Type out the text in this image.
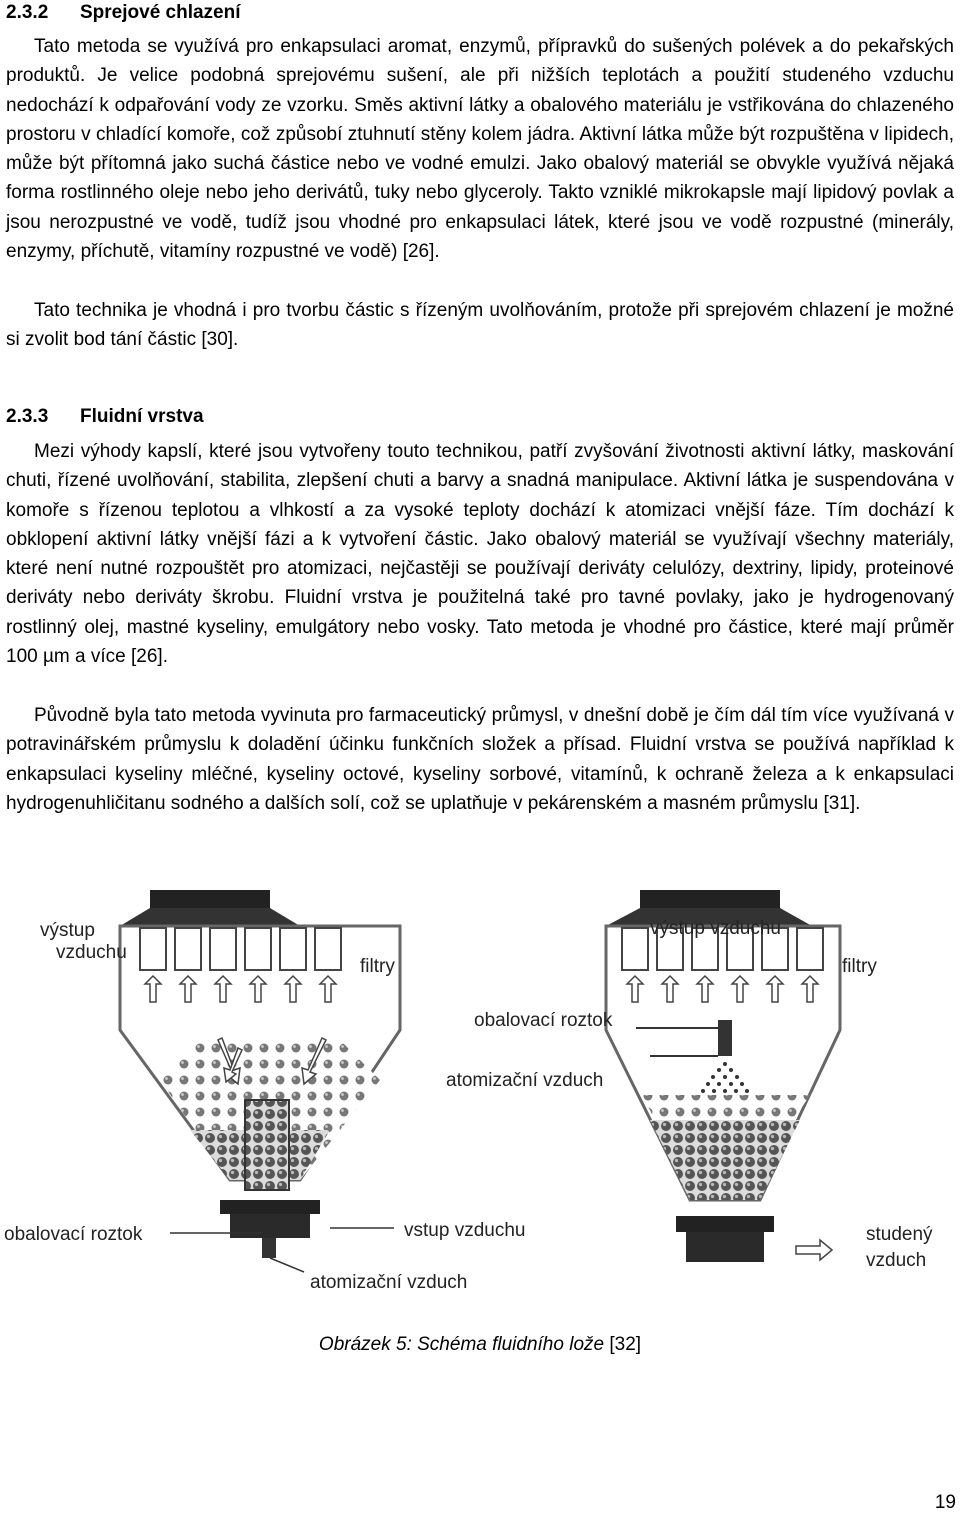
2.3.2 Sprejové chlazení

Tato metoda se využívá pro enkapsulaci aromat, enzymů, přípravků do sušených polévek a do pekařských produktů. Je velice podobná sprejovému sušení, ale při nižších teplotách a použití studeného vzduchu nedochází k odpařování vody ze vzorku. Směs aktivní látky a obalového materiálu je vstřikována do chlazeného prostoru v chladící komoře, což způsobí ztuhnutí stěny kolem jádra. Aktivní látka může být rozpuštěna v lipidech, může být přítomná jako suchá částice nebo ve vodné emulzi. Jako obalový materiál se obvykle využívá nějaká forma rostlinného oleje nebo jeho derivátů, tuky nebo glyceroly. Takto vzniklé mikrokapsle mají lipidový povlak a jsou nerozpustné ve vodě, tudíž jsou vhodné pro enkapsulaci látek, které jsou ve vodě rozpustné (minerály, enzymy, příchutě, vitamíny rozpustné ve vodě) [26].

Tato technika je vhodná i pro tvorbu částic s řízeným uvolňováním, protože při sprejovém chlazení je možné si zvolit bod tání částic [30].

2.3.3 Fluidní vrstva

Mezi výhody kapslí, které jsou vytvořeny touto technikou, patří zvyšování životnosti aktivní látky, maskování chuti, řízené uvolňování, stabilita, zlepšení chuti a barvy a snadná manipulace. Aktivní látka je suspendována v komoře s řízenou teplotou a vlhkostí a za vysoké teploty dochází k atomizaci vnější fáze. Tím dochází k obklopení aktivní látky vnější fázi a k vytvoření částic. Jako obalový materiál se využívají všechny materiály, které není nutné rozpouštět pro atomizaci, nejčastěji se používají deriváty celulózy, dextriny, lipidy, proteinové deriváty nebo deriváty škrobu. Fluidní vrstva je použitelná také pro tavné povlaky, jako je hydrogenovaný rostlinný olej, mastné kyseliny, emulgátory nebo vosky. Tato metoda je vhodné pro částice, které mají průměr 100 µm a více [26].

Původně byla tato metoda vyvinuta pro farmaceutický průmysl, v dnešní době je čím dál tím více využívaná v potravinářském průmyslu k doladění účinku funkčních složek a přísad. Fluidní vrstva se používá například k enkapsulaci kyseliny mléčné, kyseliny octové, kyseliny sorbové, vitamínů, k ochraně železa a k enkapsulaci hydrogenuhličitanu sodného a dalších solí, což se uplatňuje v pekárenském a masném průmyslu [31].

výstup
vzduchu
filtry
obalovací roztok	vstup vzduchu
atomizační vzduch
výstup vzduchu
filtry
obalovací roztok
atomizační vzduch
studený
vzduch
Obrázek 5: Schéma fluidního lože [32]
19
